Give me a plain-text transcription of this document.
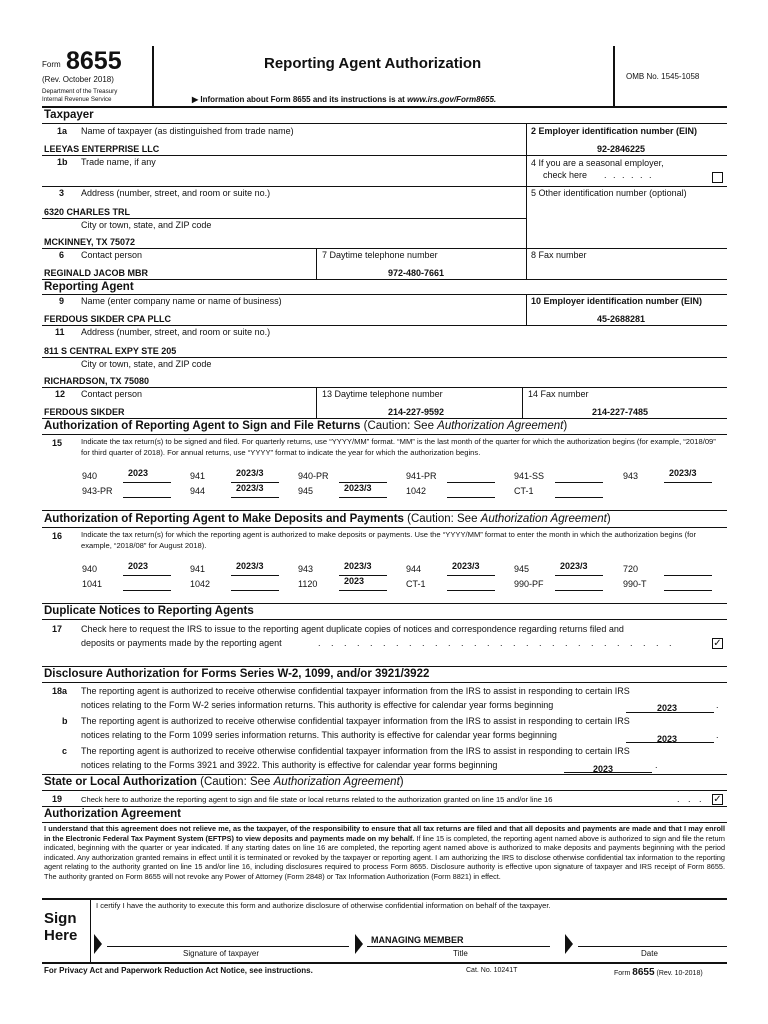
Form 8655
(Rev. October 2018)
Department of the Treasury
Internal Revenue Service
Reporting Agent Authorization
▶ Information about Form 8655 and its instructions is at www.irs.gov/Form8655.
OMB No. 1545-1058
Taxpayer
1a Name of taxpayer (as distinguished from trade name)
LEEYAS ENTERPRISE LLC
2 Employer identification number (EIN)
92-2846225
1b Trade name, if any	4 If you are a seasonal employer,
check here . . . . . .
3 Address (number, street, and room or suite no.)	5 Other identification number (optional)
6320 CHARLES TRL
City or town, state, and ZIP code
MCKINNEY, TX 75072
6 Contact person
REGINALD JACOB MBR
7 Daytime telephone number
972-480-7661
8 Fax number
Reporting Agent
9 Name (enter company name or name of business)
FERDOUS SIKDER CPA PLLC
10 Employer identification number (EIN)
45-2688281
11 Address (number, street, and room or suite no.)
811 S CENTRAL EXPY STE 205
City or town, state, and ZIP code
RICHARDSON, TX 75080
12 Contact person
FERDOUS SIKDER
13 Daytime telephone number
214-227-9592
14 Fax number
214-227-7485
Authorization of Reporting Agent to Sign and File Returns (Caution: See Authorization Agreement)
15 Indicate the tax return(s) to be signed and filed. For quarterly returns, use “YYYY/MM” format. “MM” is the last month of the quarter for which the authorization begins (for example, “2018/09” for third quarter of 2018). For annual returns, use “YYYY” format to indicate the year for which the authorization begins.
940	2023	941	2023/3	940-PR	941-PR	941-SS	943	2023/3
943-PR	944	2023/3	945	2023/3	1042	CT-1
Authorization of Reporting Agent to Make Deposits and Payments (Caution: See Authorization Agreement)
16 Indicate the tax return(s) for which the reporting agent is authorized to make deposits or payments. Use the “YYYY/MM” format to enter the month in which the authorization begins (for example, “2018/08” for August 2018).
940	2023	941	2023/3	943	2023/3	944	2023/3	945	2023/3	720
1041	1042	1120	2023	CT-1	990-PF	990-T
Duplicate Notices to Reporting Agents
17 Check here to request the IRS to issue to the reporting agent duplicate copies of notices and correspondence regarding returns filed and
deposits or payments made by the reporting agent	. . . . . . . . . . . . . . . . . . . . . . . . . . . .	✓
Disclosure Authorization for Forms Series W-2, 1099, and/or 3921/3922
18a The reporting agent is authorized to receive otherwise confidential taxpayer information from the IRS to assist in responding to certain IRS
notices relating to the Form W-2 series information returns. This authority is effective for calendar year forms beginning	2023	.
b The reporting agent is authorized to receive otherwise confidential taxpayer information from the IRS to assist in responding to certain IRS
notices relating to the Form 1099 series information returns. This authority is effective for calendar year forms beginning	2023	.
c The reporting agent is authorized to receive otherwise confidential taxpayer information from the IRS to assist in responding to certain IRS
notices relating to the Forms 3921 and 3922. This authority is effective for calendar year forms beginning	2023	.
State or Local Authorization (Caution: See Authorization Agreement)
19 Check here to authorize the reporting agent to sign and file state or local returns related to the authorization granted on line 15 and/or line 16	. . . ✓
Authorization Agreement
I understand that this agreement does not relieve me, as the taxpayer, of the responsibility to ensure that all tax returns are filed and that all deposits and payments are made and that I may enroll in the Electronic Federal Tax Payment System (EFTPS) to view deposits and payments made on my behalf. If line 15 is completed, the reporting agent named above is authorized to sign and file the return indicated, beginning with the quarter or year indicated. If any starting dates on line 16 are completed, the reporting agent named above is authorized to make deposits and payments beginning with the period indicated. Any authorization granted remains in effect until it is terminated or revoked by the taxpayer or reporting agent. I am authorizing the IRS to disclose otherwise confidential tax information to the reporting agent relating to the authority granted on line 15 and/or line 16, including disclosures required to process Form 8655. Disclosure authority is effective upon signature of taxpayer and IRS receipt of Form 8655. The authority granted on Form 8655 will not revoke any Power of Attorney (Form 2848) or Tax Information Authorization (Form 8821) in effect.
Sign
Here
I certify I have the authority to execute this form and authorize disclosure of otherwise confidential information on behalf of the taxpayer.
Signature of taxpayer
MANAGING MEMBER
Title	Date
For Privacy Act and Paperwork Reduction Act Notice, see instructions.	Cat. No. 10241T	Form 8655 (Rev. 10-2018)
